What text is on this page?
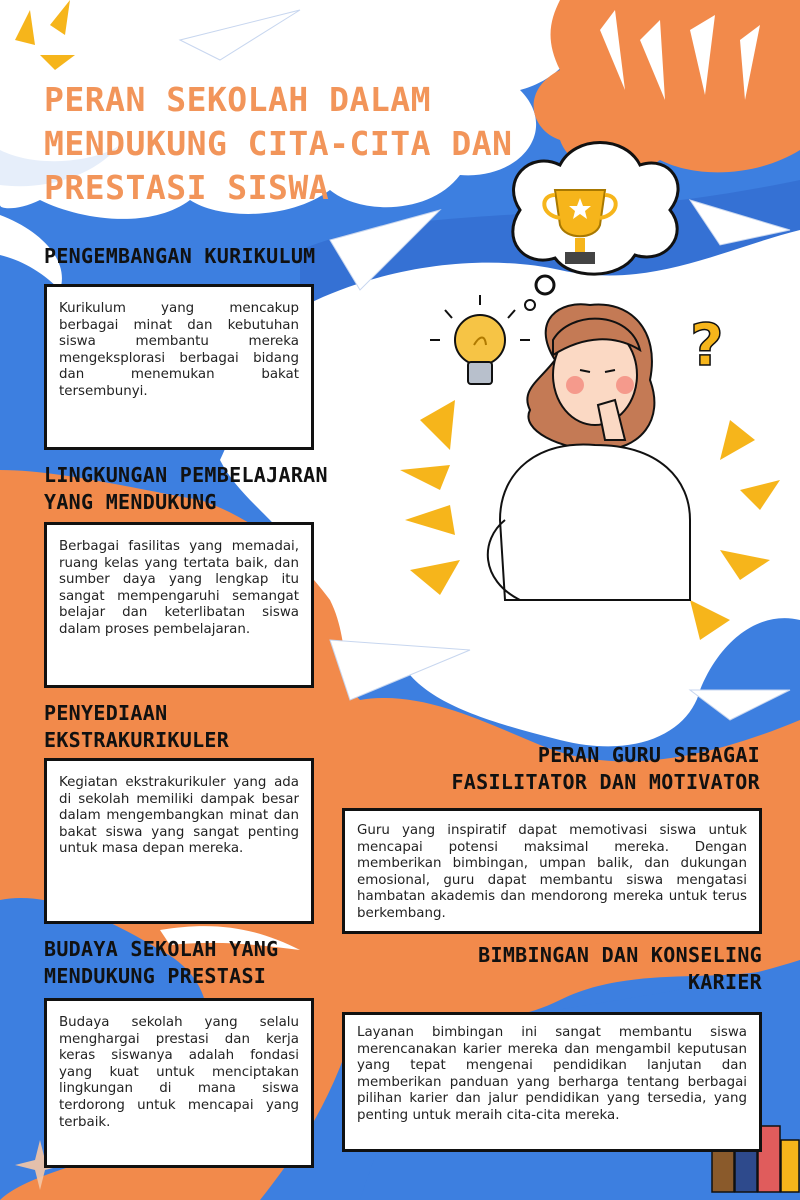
?
PERAN SEKOLAH DALAM MENDUKUNG CITA-CITA DAN PRESTASI SISWA
PENGEMBANGAN KURIKULUM

Kurikulum yang mencakup berbagai minat dan kebutuhan siswa membantu mereka mengeksplorasi berbagai bidang dan menemukan bakat tersembunyi.

LINGKUNGAN PEMBELAJARAN YANG MENDUKUNG

Berbagai fasilitas yang memadai, ruang kelas yang tertata baik, dan sumber daya yang lengkap itu sangat mempengaruhi semangat belajar dan keterlibatan siswa dalam proses pembelajaran.

PENYEDIAAN EKSTRAKURIKULER

Kegiatan ekstrakurikuler yang ada di sekolah memiliki dampak besar dalam mengembangkan minat dan bakat siswa yang sangat penting untuk masa depan mereka.

BUDAYA SEKOLAH YANG MENDUKUNG PRESTASI

Budaya sekolah yang selalu menghargai prestasi dan kerja keras siswanya adalah fondasi yang kuat untuk menciptakan lingkungan di mana siswa terdorong untuk mencapai yang terbaik.

PERAN GURU SEBAGAI FASILITATOR DAN MOTIVATOR

Guru yang inspiratif dapat memotivasi siswa untuk mencapai potensi maksimal mereka. Dengan memberikan bimbingan, umpan balik, dan dukungan emosional, guru dapat membantu siswa mengatasi hambatan akademis dan mendorong mereka untuk terus berkembang.

BIMBINGAN DAN KONSELING KARIER

Layanan bimbingan ini sangat membantu siswa merencanakan karier mereka dan mengambil keputusan yang tepat mengenai pendidikan lanjutan dan memberikan panduan yang berharga tentang berbagai pilihan karier dan jalur pendidikan yang tersedia, yang penting untuk meraih cita-cita mereka.
